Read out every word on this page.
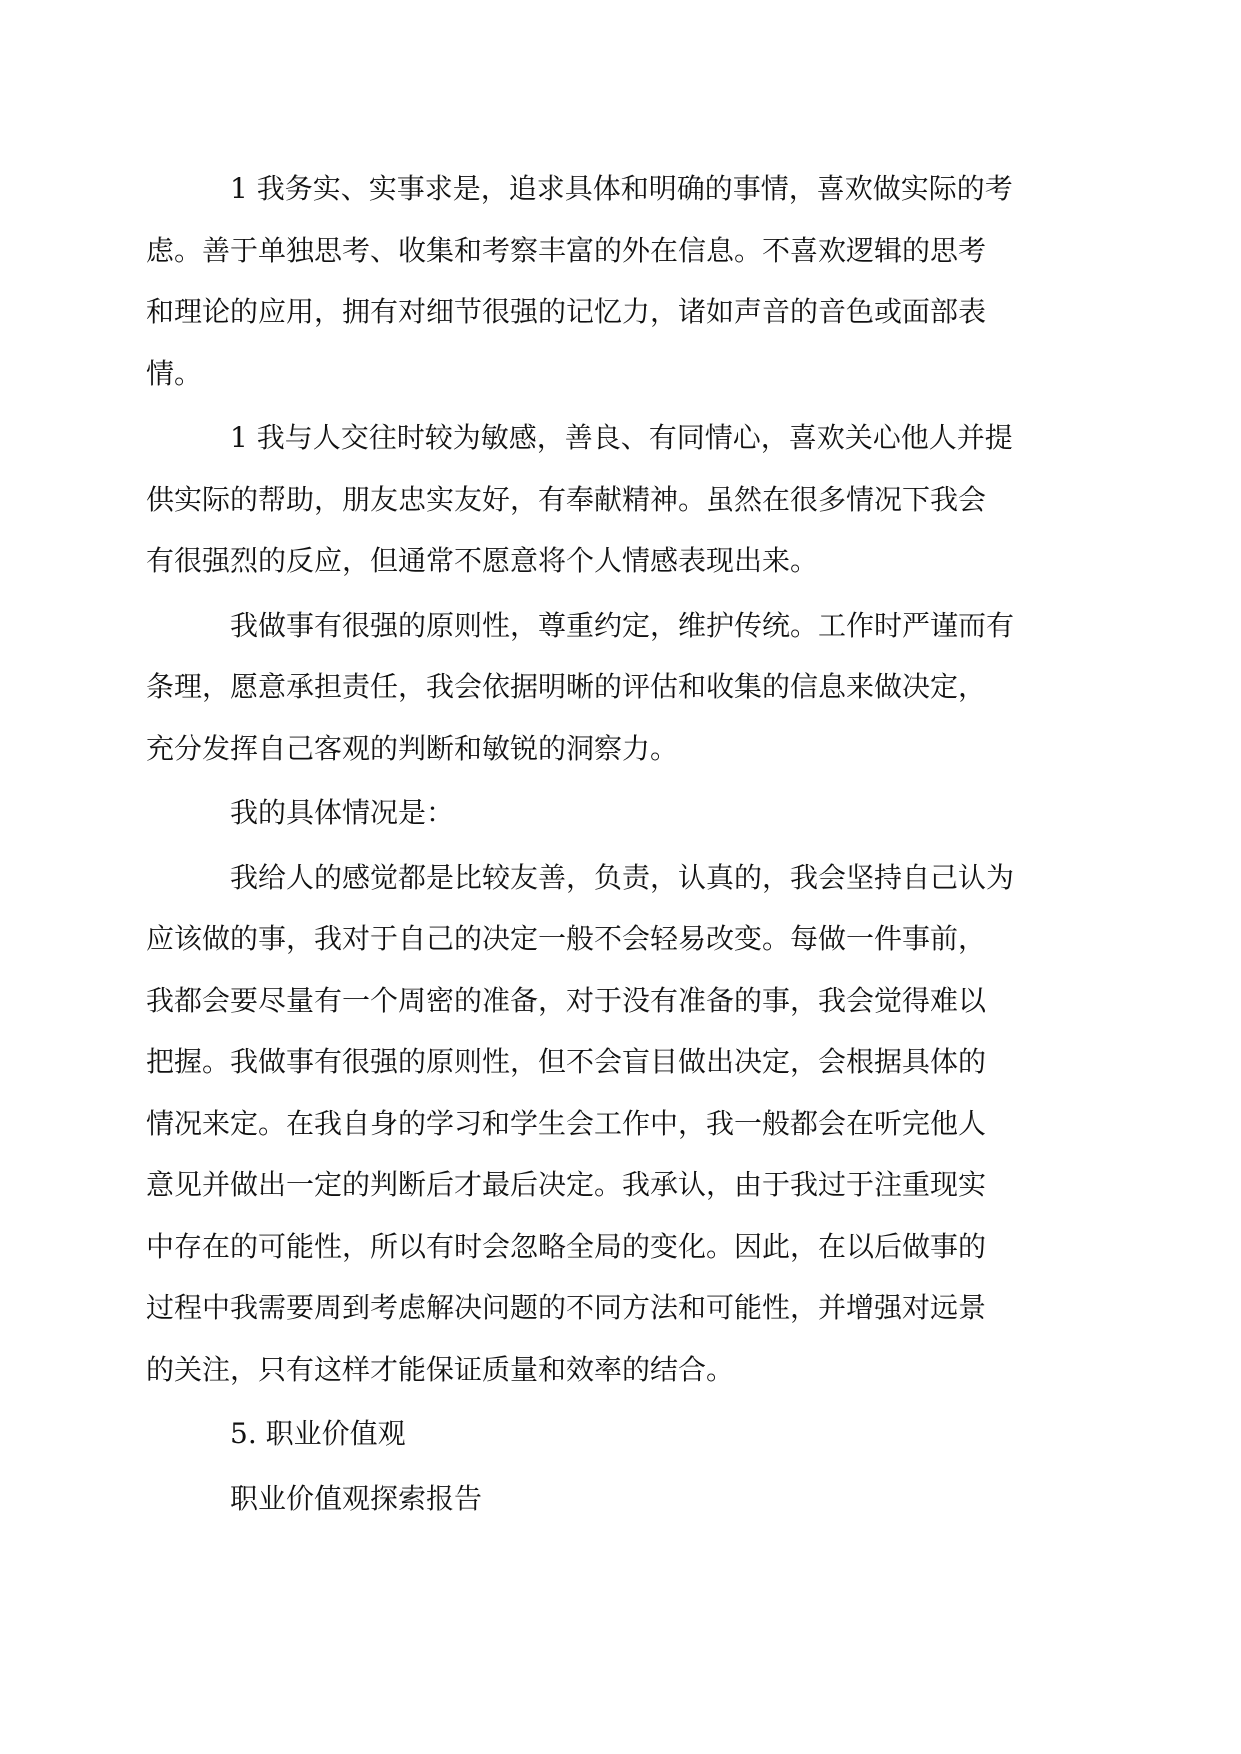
1 我务实、实事求是，追求具体和明确的事情，喜欢做实际的考
虑。善于单独思考、收集和考察丰富的外在信息。不喜欢逻辑的思考
和理论的应用，拥有对细节很强的记忆力，诸如声音的音色或面部表
情。
1 我与人交往时较为敏感，善良、有同情心，喜欢关心他人并提
供实际的帮助，朋友忠实友好，有奉献精神。虽然在很多情况下我会
有很强烈的反应，但通常不愿意将个人情感表现出来。
我做事有很强的原则性，尊重约定，维护传统。工作时严谨而有
条理，愿意承担责任，我会依据明晰的评估和收集的信息来做决定，
充分发挥自己客观的判断和敏锐的洞察力。
我的具体情况是：
我给人的感觉都是比较友善，负责，认真的，我会坚持自己认为
应该做的事，我对于自己的决定一般不会轻易改变。每做一件事前，
我都会要尽量有一个周密的准备，对于没有准备的事，我会觉得难以
把握。我做事有很强的原则性，但不会盲目做出决定，会根据具体的
情况来定。在我自身的学习和学生会工作中，我一般都会在听完他人
意见并做出一定的判断后才最后决定。我承认，由于我过于注重现实
中存在的可能性，所以有时会忽略全局的变化。因此，在以后做事的
过程中我需要周到考虑解决问题的不同方法和可能性，并增强对远景
的关注，只有这样才能保证质量和效率的结合。
5. 职业价值观
职业价值观探索报告
